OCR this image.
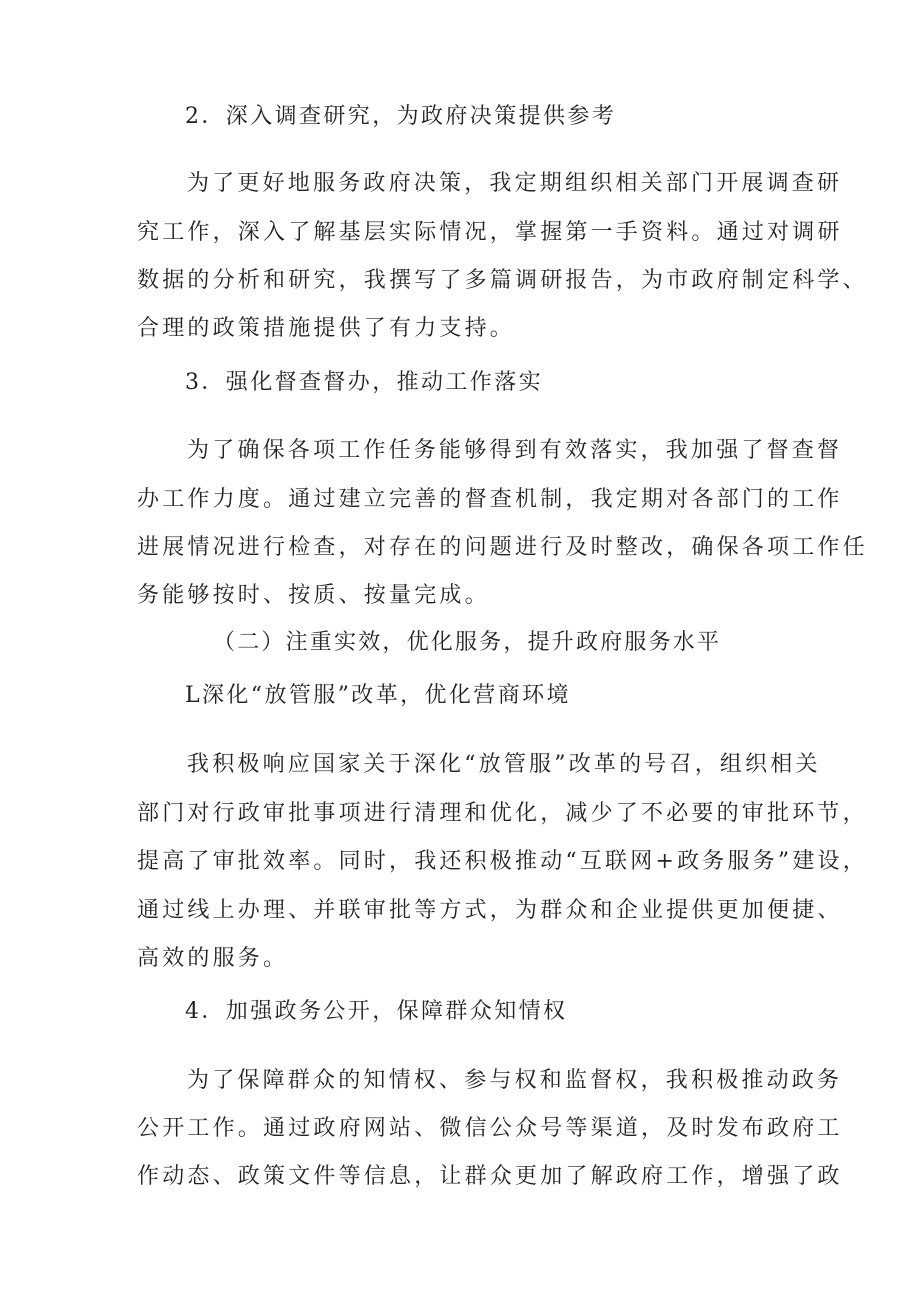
2．深入调查研究，为政府决策提供参考
为了更好地服务政府决策，我定期组织相关部门开展调查研
究工作，深入了解基层实际情况，掌握第一手资料。通过对调研
数据的分析和研究，我撰写了多篇调研报告，为市政府制定科学、
合理的政策措施提供了有力支持。
3．强化督查督办，推动工作落实
为了确保各项工作任务能够得到有效落实，我加强了督查督
办工作力度。通过建立完善的督查机制，我定期对各部门的工作
进展情况进行检查，对存在的问题进行及时整改，确保各项工作任
务能够按时、按质、按量完成。
（二）注重实效，优化服务，提升政府服务水平
L深化“放管服”改革，优化营商环境
我积极响应国家关于深化“放管服”改革的号召，组织相关
部门对行政审批事项进行清理和优化，减少了不必要的审批环节，
提高了审批效率。同时，我还积极推动“互联网+政务服务”建设，
通过线上办理、并联审批等方式，为群众和企业提供更加便捷、
高效的服务。
4．加强政务公开，保障群众知情权
为了保障群众的知情权、参与权和监督权，我积极推动政务
公开工作。通过政府网站、微信公众号等渠道，及时发布政府工
作动态、政策文件等信息，让群众更加了解政府工作，增强了政
